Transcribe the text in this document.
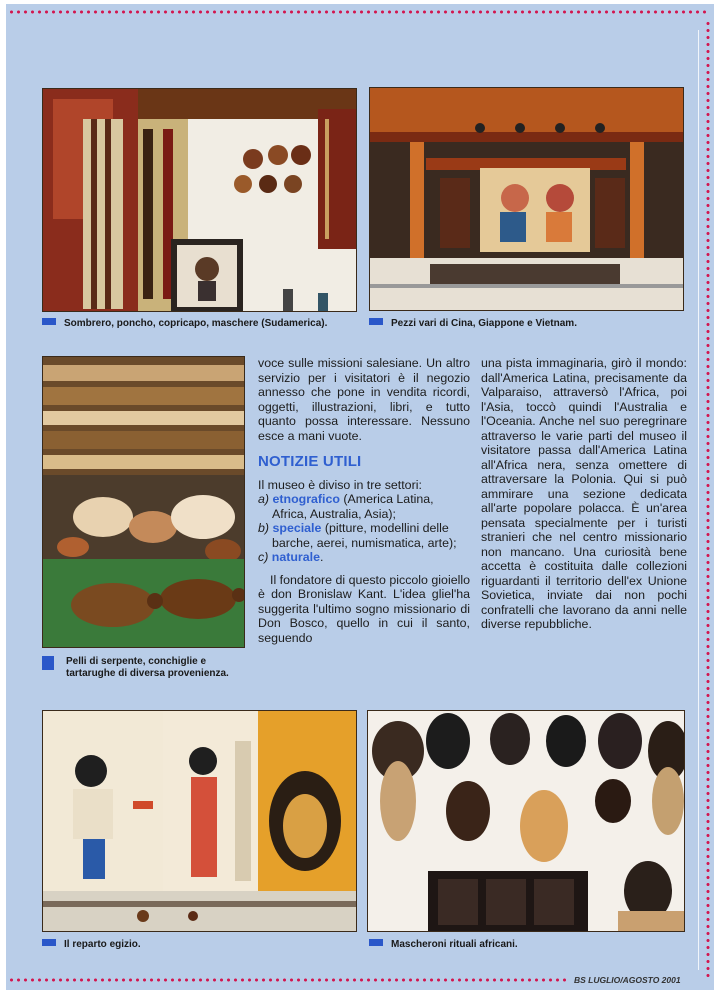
Sombrero, poncho, copricapo, maschere (Sudamerica).	Pezzi vari di Cina, Giappone e Vietnam.
Pelli di serpente, conchiglie e
tartarughe di diversa provenienza.

voce sulle missioni salesiane. Un altro servizio per i visitatori è il negozio annesso che pone in vendita ricordi, oggetti, illustrazioni, libri, e tutto quanto possa interessare. Nessuno esce a mani vuote.

NOTIZIE UTILI

Il museo è diviso in tre settori:

a) etnografico (America Latina, Africa, Australia, Asia);

b) speciale (pitture, modellini delle barche, aerei, numismatica, arte);

c) naturale.

Il fondatore di questo piccolo gioiello è don Bronislaw Kant. L'idea gliel'ha suggerita l'ultimo sogno missionario di Don Bosco, quello in cui il santo, seguendo

una pista immaginaria, girò il mondo: dall'America Latina, precisamente da Valparaiso, attraversò l'Africa, poi l'Asia, toccò quindi l'Australia e l'Oceania. Anche nel suo peregrinare attraverso le varie parti del museo il visitatore passa dall'America Latina all'Africa nera, senza omettere di attraversare la Polonia. Qui si può ammirare una sezione dedicata all'arte popolare polacca. È un'area pensata specialmente per i turisti stranieri che nel centro missionario non mancano. Una curiosità bene accetta è costituita dalle collezioni riguardanti il territorio dell'ex Unione Sovietica, inviate dai non pochi confratelli che lavorano da anni nelle diverse repubbliche.

Il reparto egizio.	Mascheroni rituali africani.
BS LUGLIO/AGOSTO 2001
